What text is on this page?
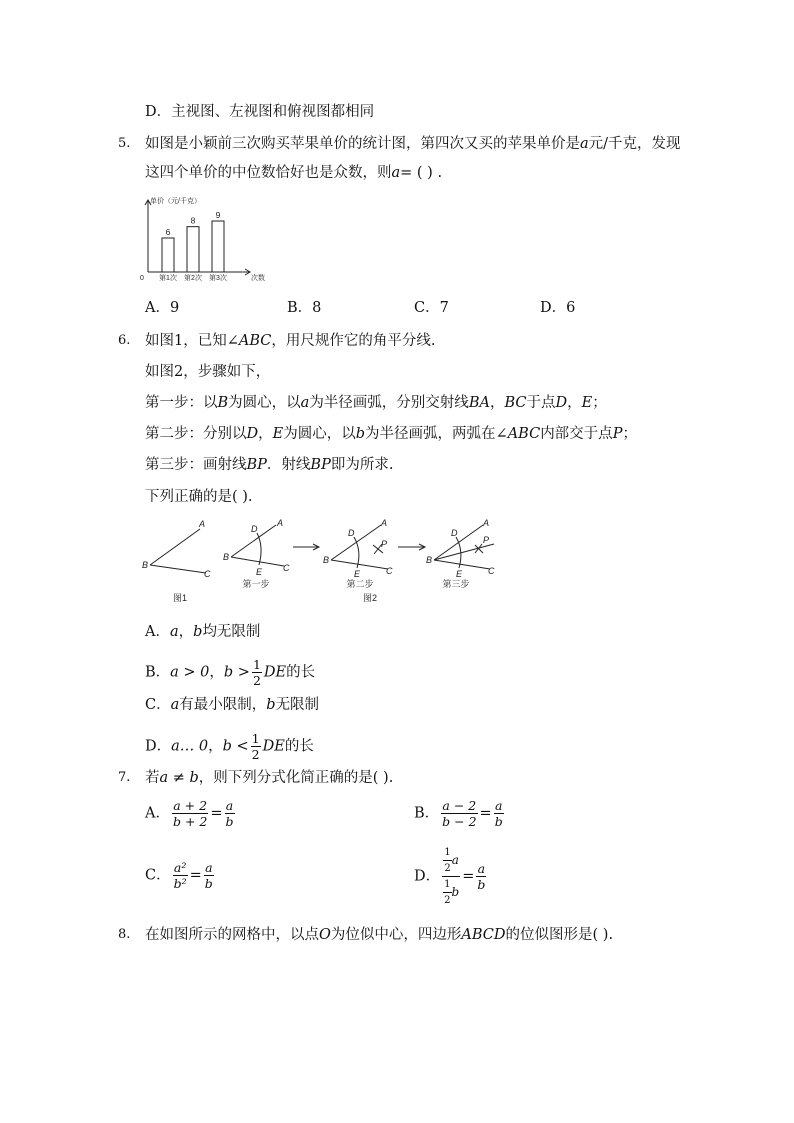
D．主视图、左视图和俯视图都相同
5. 如图是小颖前三次购买苹果单价的统计图，第四次又买的苹果单价是a元/千克，发现
这四个单价的中位数恰好也是众数，则a= ( ) .
单价（元/千克）
次数
0
6
第1次
8
第2次
9
第3次
A．9	B．8	C．7	D．6
6. 如图1，已知∠ABC，用尺规作它的角平分线.
如图2，步骤如下，
第一步：以B为圆心，以a为半径画弧，分别交射线BA，BC于点D，E；
第二步：分别以D，E为圆心，以b为半径画弧，两弧在∠ABC内部交于点P；
第三步：画射线BP．射线BP即为所求.
下列正确的是( ).
A
B
C
A
D
B
E C
A
D
P
B
E	C
A
D
P
B
E	C
图1
第一步	第二步	第三步
图2
A．a，b均无限制
B．a > 0，$b > \frac{1}{2}$ DE的长
C．a有最小限制，b无限制
D．a… 0，$b < \frac{1}{2}$ DE的长
7. 若a ≠ b，则下列分式化简正确的是( ).
A． $\frac{a + 2}{b + 2} = \frac{a}{b}$	B． $\frac{a - 2}{b - 2} = \frac{a}{b}$
C． $\frac{\text{a²}}{\text{b²}} = \frac{a}{b}$	D． $\frac{\frac{1}{2} a}{\frac{1}{2} b} = \frac{a}{b}$
8. 在如图所示的网格中，以点O为位似中心，四边形ABCD的位似图形是( ).
